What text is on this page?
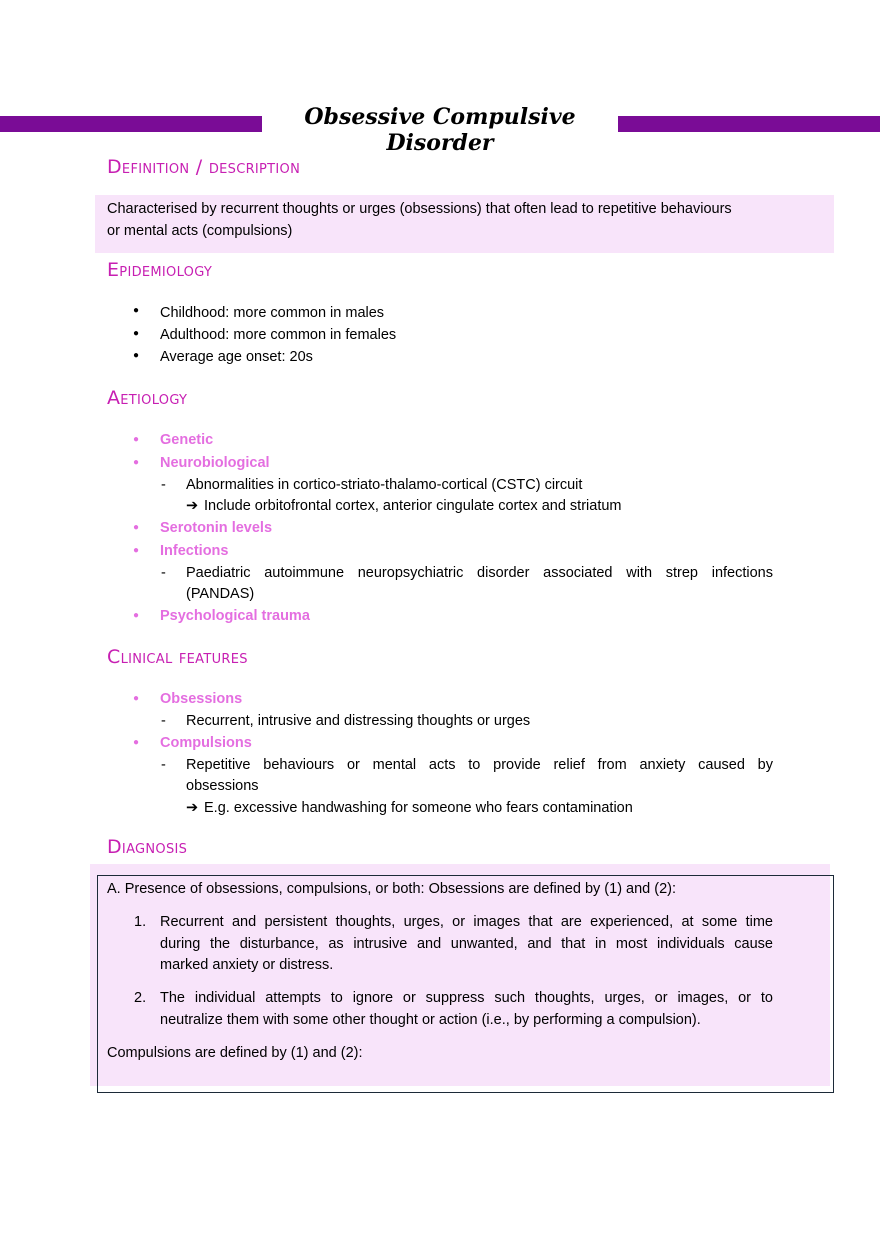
Obsessive Compulsive Disorder
Definition / description
Characterised by recurrent thoughts or urges (obsessions) that often lead to repetitive behaviours
or mental acts (compulsions)
Epidemiology
● Childhood: more common in males
● Adulthood: more common in females
● Average age onset: 20s
Aetiology
● Genetic
● Neurobiological
- Abnormalities in cortico-striato-thalamo-cortical (CSTC) circuit
➔ Include orbitofrontal cortex, anterior cingulate cortex and striatum
● Serotonin levels
● Infections
- Paediatric autoimmune neuropsychiatric disorder associated with strep infections
(PANDAS)
● Psychological trauma
Clinical features
● Obsessions
- Recurrent, intrusive and distressing thoughts or urges
● Compulsions
- Repetitive behaviours or mental acts to provide relief from anxiety caused by
obsessions
➔ E.g. excessive handwashing for someone who fears contamination
Diagnosis
A. Presence of obsessions, compulsions, or both: Obsessions are defined by (1) and (2):
1. Recurrent and persistent thoughts, urges, or images that are experienced, at some time
during the disturbance, as intrusive and unwanted, and that in most individuals cause
marked anxiety or distress.
2. The individual attempts to ignore or suppress such thoughts, urges, or images, or to
neutralize them with some other thought or action (i.e., by performing a compulsion).
Compulsions are defined by (1) and (2):
